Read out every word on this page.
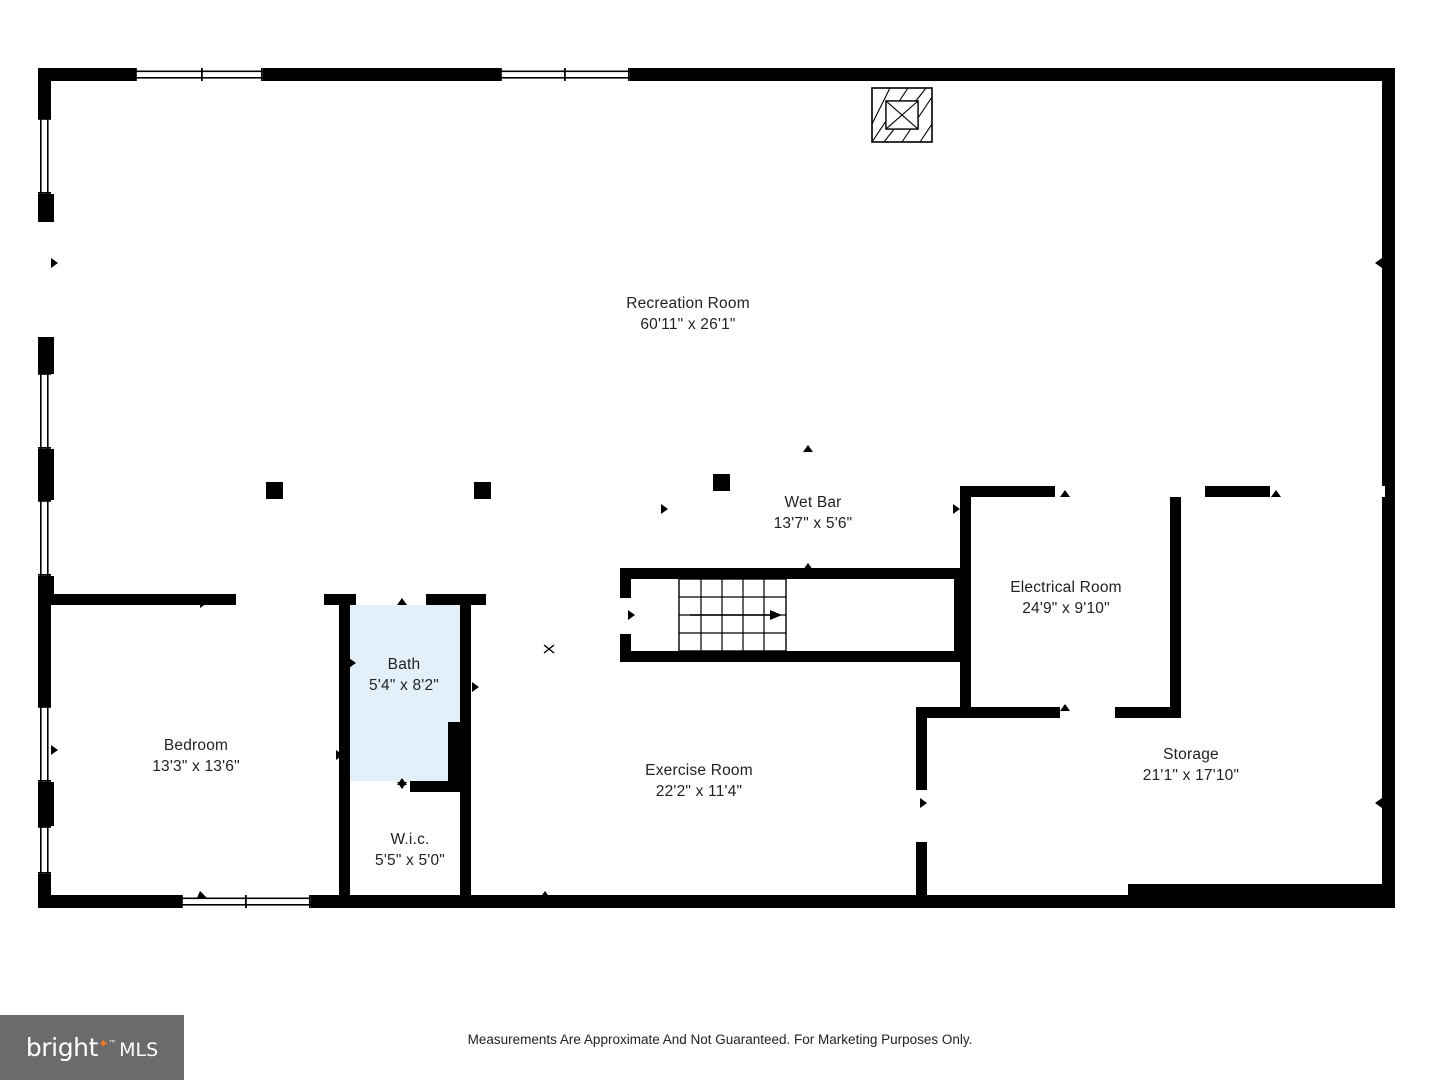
Recreation Room
60'11" x 26'1"
Wet Bar
13'7" x 5'6"
Electrical Room
24'9" x 9'10"
Storage
21'1" x 17'10"
Bath
5'4" x 8'2"
Bedroom
13'3" x 13'6"
W.i.c.
5'5" x 5'0"
Exercise Room
22'2" x 11'4"
Measurements Are Approximate And Not Guaranteed. For Marketing Purposes Only.
bright✦™ MLS
